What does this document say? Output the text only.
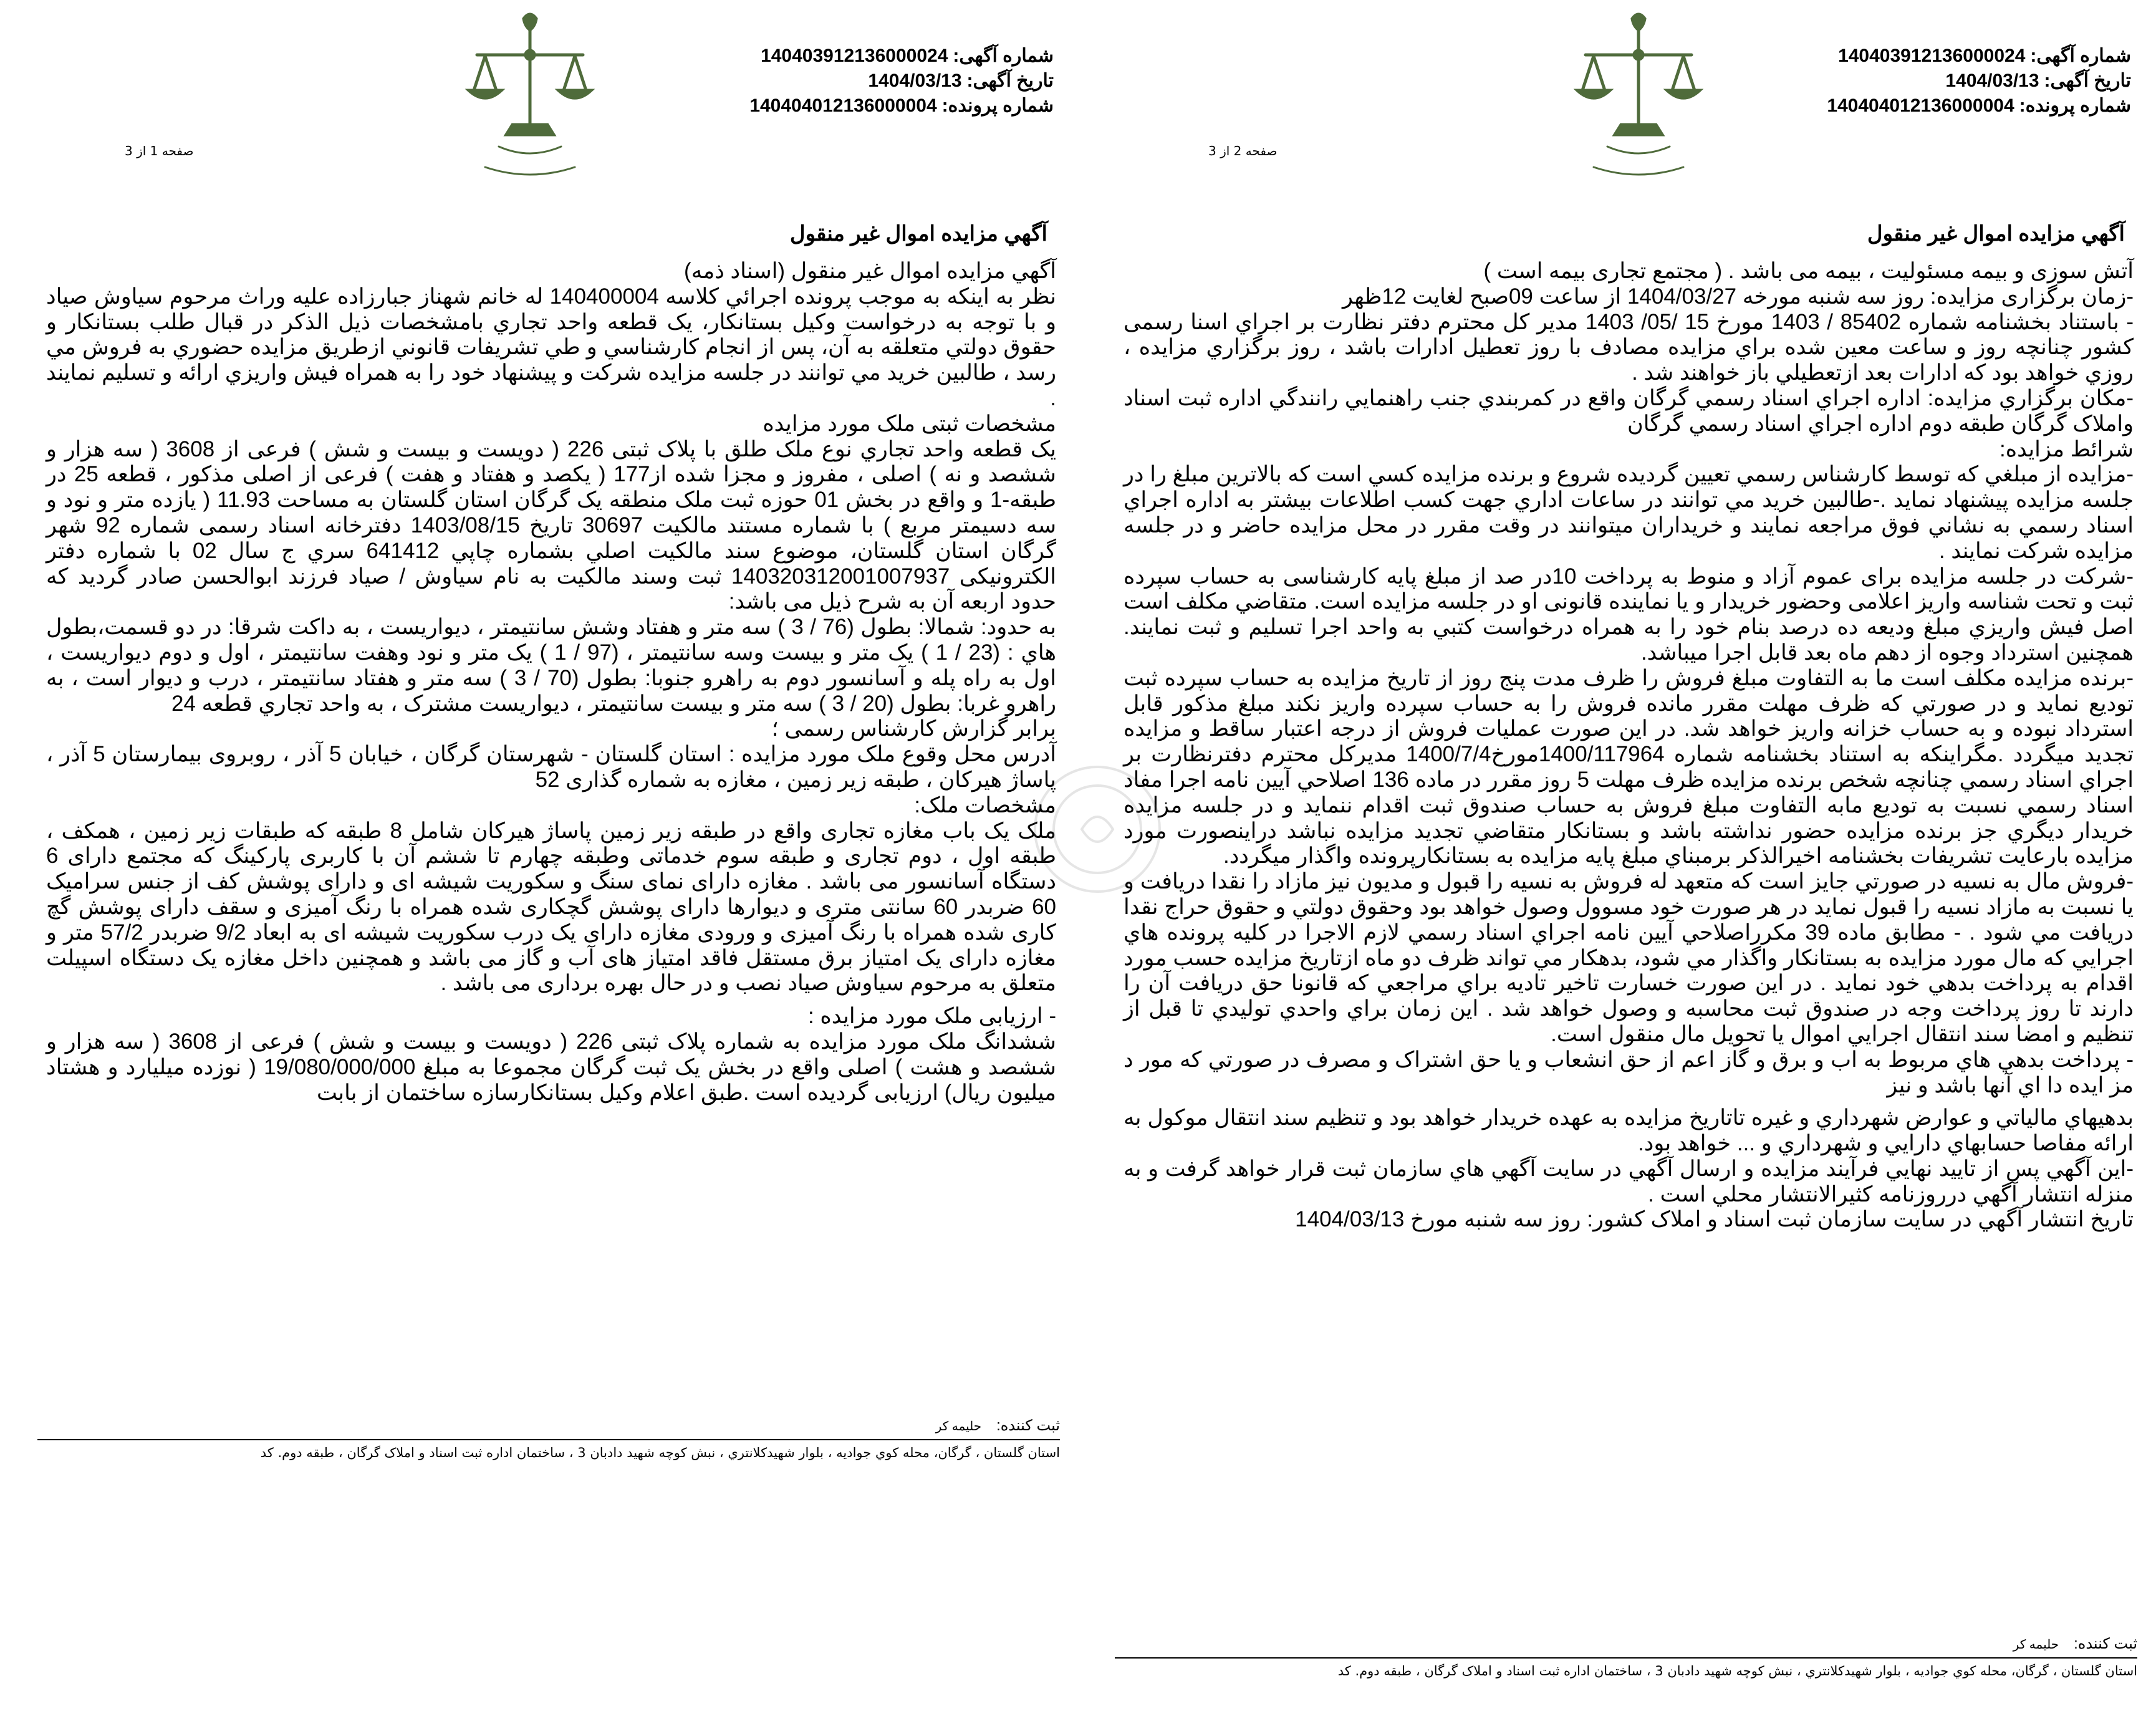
شماره آگهی:140403912136000024
تاریخ آگهی:1404/03/13
شماره پرونده:140404012136000004
صفحه 2 از 3
آگهي مزايده اموال غير منقول

آتش سوزی و بیمه مسئولیت ، بیمه می باشد . ( مجتمع تجاری بیمه است )

-زمان برگزاری مزایده: روز سه شنبه مورخه 1404/03/27 از ساعت 09صبح لغایت 12ظهر

- باستناد بخشنامه شماره 85402 / 1403 مورخ 15 /05/ 1403 مدير كل محترم دفتر نظارت بر اجراي اسنا رسمی کشور چنانچه روز و ساعت معين شده براي مزايده مصادف با روز تعطيل ادارات باشد ، روز برگزاري مزايده ، روزي خواهد بود كه ادارات بعد ازتعطيلي باز خواهند شد .

-مكان برگزاري مزايده: اداره اجراي اسناد رسمي گرگان واقع در كمربندي جنب راهنمايي رانندگي اداره ثبت اسناد واملاک گرگان طبقه دوم اداره اجراي اسناد رسمي گرگان

شرائط مزایده:

-مزايده از مبلغي كه توسط كارشناس رسمي تعيين گرديده شروع و برنده مزايده كسي است كه بالاترين مبلغ را در جلسه مزايده پيشنهاد نمايد .-طالبين خريد مي توانند در ساعات اداري جهت كسب اطلاعات بيشتر به اداره اجراي اسناد رسمي به نشاني فوق مراجعه نمايند و خريداران ميتوانند در وقت مقرر در محل مزايده حاضر و در جلسه مزايده شركت نمايند .

-شرکت در جلسه مزایده برای عموم آزاد و منوط به پرداخت 10در صد از مبلغ پایه کارشناسی به حساب سپرده ثبت و تحت شناسه واریز اعلامی وحضور خریدار و یا نماینده قانونی او در جلسه مزایده است. متقاضي مكلف است اصل فيش واريزي مبلغ وديعه ده درصد بنام خود را به همراه درخواست كتبي به واحد اجرا تسليم و ثبت نمايند. همچنين استرداد وجوه از دهم ماه بعد قابل اجرا ميباشد.

-برنده مزايده مكلف است ما به التفاوت مبلغ فروش را ظرف مدت پنج روز از تاريخ مزايده به حساب سپرده ثبت توديع نمايد و در صورتي كه ظرف مهلت مقرر مانده فروش را به حساب سپرده واريز نكند مبلغ مذكور قابل استرداد نبوده و به حساب خزانه واريز خواهد شد. در اين صورت عمليات فروش از درجه اعتبار ساقط و مزايده تجديد ميگردد .مگراینکه به استناد بخشنامه شماره 1400/117964مورخ1400/7/4 مديركل محترم دفترنظارت بر اجراي اسناد رسمي چنانچه شخص برنده مزايده ظرف مهلت 5 روز مقرر در ماده 136 اصلاحي آيين نامه اجرا مفاد اسناد رسمي نسبت به توديع مابه التفاوت مبلغ فروش به حساب صندوق ثبت اقدام ننمايد و در جلسه مزايده خريدار ديگري جز برنده مزايده حضور نداشته باشد و بستانكار متقاضي تجديد مزايده نباشد دراينصورت مورد مزايده بارعايت تشريفات بخشنامه اخيرالذكر برمبناي مبلغ پايه مزايده به بستانكارپرونده واگذار ميگردد.

-فروش مال به نسيه در صورتي جايز است كه متعهد له فروش به نسيه را قبول و مديون نيز مازاد را نقدا دريافت و يا نسبت به مازاد نسيه را قبول نمايد در هر صورت خود مسوول وصول خواهد بود وحقوق دولتي و حقوق حراج نقدا دريافت مي شود . - مطابق ماده 39 مكرراصلاحي آيين نامه اجراي اسناد رسمي لازم الاجرا در كليه پرونده هاي اجرايي كه مال مورد مزايده به بستانكار واگذار مي شود، بدهكار مي تواند ظرف دو ماه ازتاريخ مزايده حسب مورد اقدام به پرداخت بدهي خود نمايد . در اين صورت خسارت تاخير تاديه براي مراجعي كه قانونا حق دريافت آن را دارند تا روز پرداخت وجه در صندوق ثبت محاسبه و وصول خواهد شد . اين زمان براي واحدي توليدي تا قبل از تنظيم و امضا سند انتقال اجرايي اموال يا تحويل مال منقول است.

- پرداخت بدهي هاي مربوط به اب و برق و گاز اعم از حق انشعاب و يا حق اشتراک و مصرف در صورتي كه مور د مز ايده دا اي آنها باشد و نيز

بدهيهاي مالياتي و عوارض شهرداري و غيره تاتاريخ مزايده به عهده خريدار خواهد بود و تنظيم سند انتقال موكول به ارائه مفاصا حسابهاي دارايي و شهرداري و ... خواهد بود.

-اين آگهي پس از تاييد نهايي فرآيند مزايده و ارسال آگهي در سايت آگهي هاي سازمان ثبت قرار خواهد گرفت و به منزله انتشار آگهي درروزنامه كثيرالانتشار محلي است .

تاريخ انتشار آگهي در سايت سازمان ثبت اسناد و املاک کشور: روز سه شنبه مورخ 1404/03/13

ثبت کننده:حليمه كر
استان گلستان ، گرگان، محله كوي جواديه ، بلوار شهيدكلانتري ، نبش كوچه شهيد دادبان 3 ، ساختمان اداره ثبت اسناد و املاک گرگان ، طبقه دوم. كد
شماره آگهی:140403912136000024
تاریخ آگهی:1404/03/13
شماره پرونده:140404012136000004
صفحه 1 از 3
آگهي مزايده اموال غير منقول

آگهي مزايده اموال غير منقول (اسناد ذمه)

نظر به اینکه به موجب پرونده اجرائي كلاسه 140400004 له خانم شهناز جبارزاده عليه وراث مرحوم سياوش صياد و با توجه به درخواست وكيل بستانكار، يک قطعه واحد تجاري بامشخصات ذيل الذكر در قبال طلب بستانكار و حقوق دولتي متعلقه به آن، پس از انجام كارشناسي و طي تشريفات قانوني ازطريق مزايده حضوري به فروش مي رسد ، طالبين خريد مي توانند در جلسه مزايده شركت و پيشنهاد خود را به همراه فيش واريزي ارائه و تسليم نمايند .

مشخصات ثبتی ملک مورد مزایده

یک قطعه واحد تجاري نوع ملک طلق با پلاک ثبتی 226 ( دویست و بیست و شش ) فرعی از 3608 ( سه هزار و ششصد و نه ) اصلی ، مفروز و مجزا شده از177 ( یکصد و هفتاد و هفت ) فرعی از اصلی مذکور ، قطعه 25 در طبقه-1 و واقع در بخش 01 حوزه ثبت ملک منطقه یک گرگان استان گلستان به مساحت 11.93 ( یازده متر و نود و سه دسیمتر مربع ) با شماره مستند مالکیت 30697 تاریخ 1403/08/15 دفترخانه اسناد رسمی شماره 92 شهر گرگان استان گلستان، موضوع سند مالکیت اصلي بشماره چاپي 641412 سري ج سال 02 با شماره دفتر الکترونیکی 140320312001007937 ثبت وسند مالکیت به نام سیاوش / صیاد فرزند ابوالحسن صادر گردید که حدود اربعه آن به شرح ذیل می باشد:

به حدود: شمالا: بطول (76 / 3 ) سه متر و هفتاد وشش سانتیمتر ، دیواریست ، به داکت شرقا: در دو قسمت،بطول هاي : (23 / 1 ) یک متر و بیست وسه سانتیمتر ، (97 / 1 ) یک متر و نود وهفت سانتیمتر ، اول و دوم دیواریست ، اول به راه پله و آسانسور دوم به راهرو جنوبا: بطول (70 / 3 ) سه متر و هفتاد سانتیمتر ، درب و دیوار است ، به راهرو غربا: بطول (20 / 3 ) سه متر و بیست سانتیمتر ، دیواریست مشترک ، به واحد تجاري قطعه 24

برابر گزارش كارشناس رسمی ؛

آدرس محل وقوع ملک مورد مزایده : استان گلستان - شهرستان گرگان ، خیابان 5 آذر ، روبروی بیمارستان 5 آذر ، پاساژ هیرکان ، طبقه زیر زمین ، مغازه به شماره گذاری 52

مشخصات ملک:

ملک یک باب مغازه تجاری واقع در طبقه زیر زمین پاساژ هیرکان شامل 8 طبقه که طبقات زیر زمین ، همکف ، طبقه اول ، دوم تجاری و طبقه سوم خدماتی وطبقه چهارم تا ششم آن با کاربری پارکینگ که مجتمع دارای 6 دستگاه آسانسور می باشد . مغازه دارای نمای سنگ و سکوریت شیشه ای و دارای پوشش کف از جنس سرامیک 60 ضربدر 60 سانتی متری و دیوارها دارای پوشش گچکاری شده همراه با رنگ آمیزی و سقف دارای پوشش گچ کاری شده همراه با رنگ آمیزی و ورودی مغازه دارای یک درب سکوریت شیشه ای به ابعاد 9/2 ضربدر 57/2 متر و مغازه دارای یک امتیاز برق مستقل فاقد امتیاز های آب و گاز می باشد و همچنین داخل مغازه یک دستگاه اسپیلت متعلق به مرحوم سیاوش صیاد نصب و در حال بهره برداری می باشد .

- ارزیابی ملک مورد مزایده :

ششدانگ ملک مورد مزایده به شماره پلاک ثبتی 226 ( دویست و بیست و شش ) فرعی از 3608 ( سه هزار و ششصد و هشت ) اصلی واقع در بخش یک ثبت گرگان مجموعا به مبلغ 19/080/000/000 ( نوزده میلیارد و هشتاد میلیون ریال) ارزیابی گردیده است .طبق اعلام وکیل بستانکارسازه ساختمان از بابت

ثبت کننده:حليمه كر
استان گلستان ، گرگان، محله كوي جواديه ، بلوار شهيدكلانتري ، نبش كوچه شهيد دادبان 3 ، ساختمان اداره ثبت اسناد و املاک گرگان ، طبقه دوم. كد
